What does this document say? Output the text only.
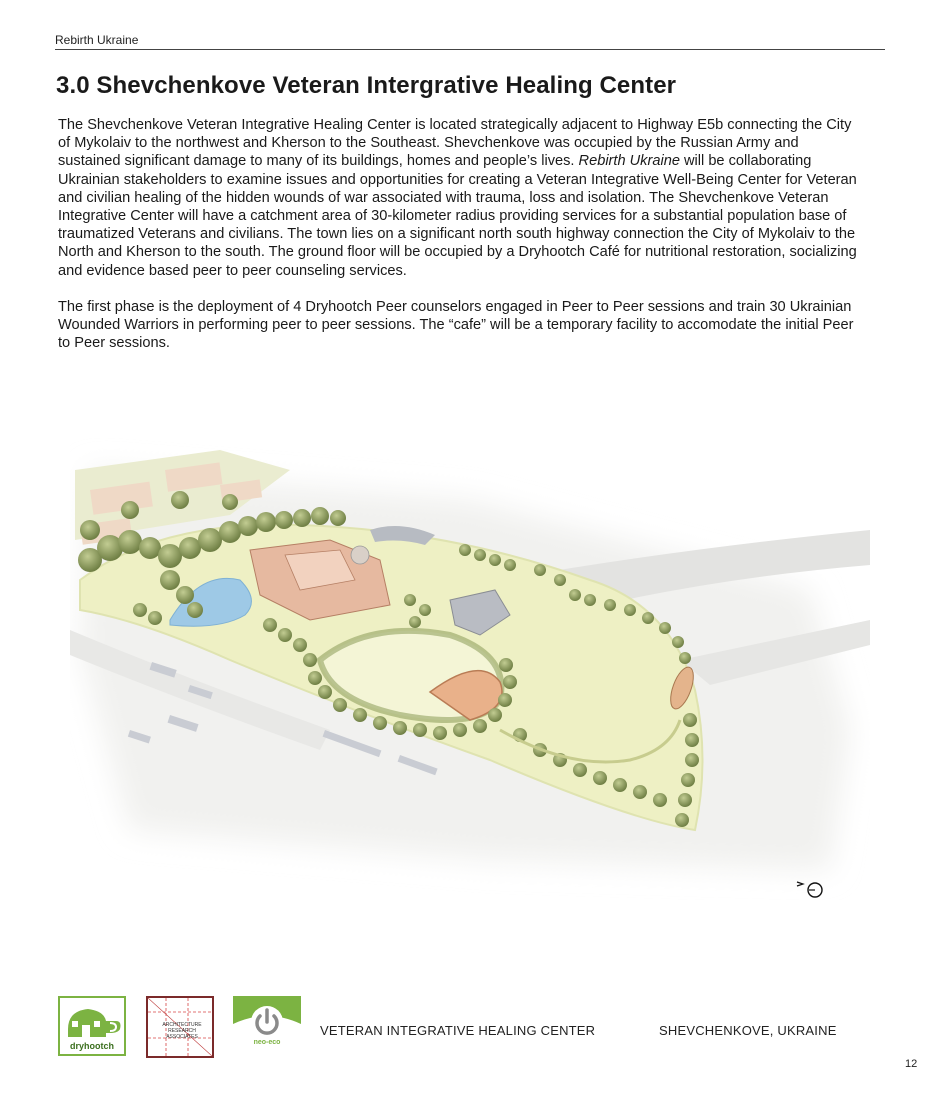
Rebirth Ukraine
3.0 Shevchenkove Veteran Intergrative Healing Center

The Shevchenkove Veteran Integrative Healing Center is located strategically adjacent to Highway E5b connecting the City of Mykolaiv to the northwest and Kherson to the Southeast. Shevchenkove was occupied by the Russian Army and sustained significant damage to many of its buildings, homes and people’s lives. Rebirth Ukraine will be collaborating Ukrainian stakeholders to examine issues and opportunities for creating a Veteran Integrative Well-Being Center for Veteran and civilian healing of the hidden wounds of war associated with trauma, loss and isolation. The Shevchenkove Veteran Integrative Center will have a catchment area of 30-kilometer radius providing services for a substantial population base of traumatized Veterans and civilians. The town lies on a significant north south highway connection the City of Mykolaiv to the North and Kherson to the south. The ground floor will be occupied by a Dryhootch Café for nutritional restoration, socializing and evidence based peer to peer counseling services.

The first phase is the deployment of 4 Dryhootch Peer counselors engaged in Peer to Peer sessions and train 30 Ukrainian Wounded Warriors in performing peer to peer sessions. The “cafe” will be a temporary facility to accomodate the initial Peer to Peer sessions.

dryhootch
ARCHITECTURE RESEARCH ASSOCIATES
neo-eco
VETERAN INTEGRATIVE HEALING CENTER	SHEVCHENKOVE, UKRAINE
12
